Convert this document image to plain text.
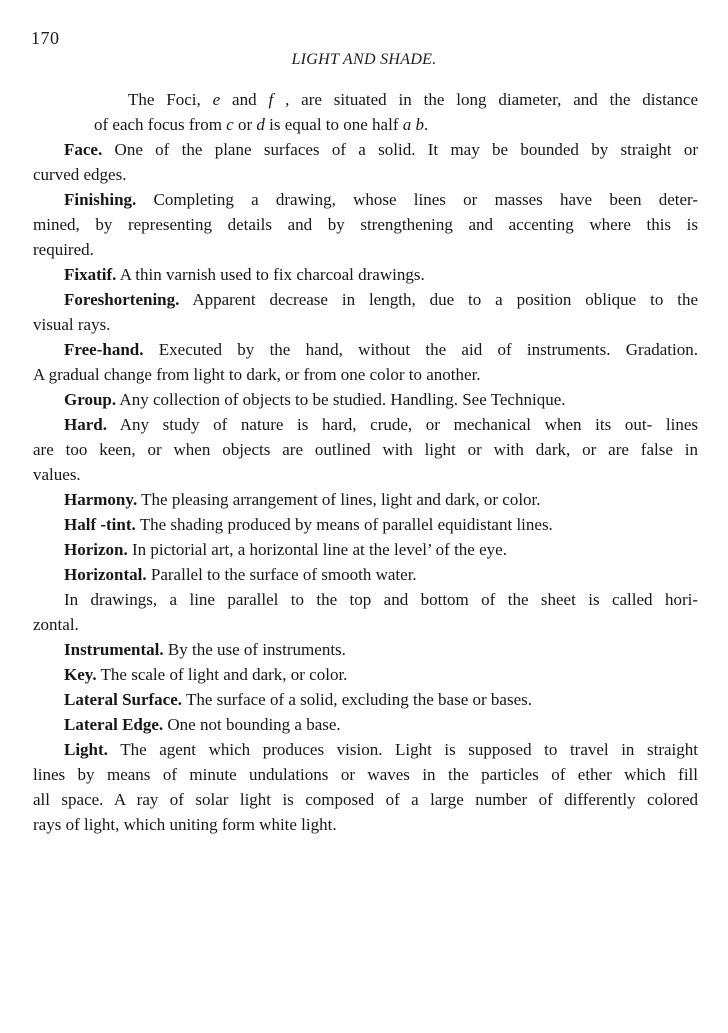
170
LIGHT AND SHADE.
The Foci, e and f , are situated in the long diameter, and the distance
of each focus from c or d is equal to one half a b.
Face. One of the plane surfaces of a solid. It may be bounded by straight or
curved edges.
Finishing. Completing a drawing, whose lines or masses have been deter-
mined, by representing details and by strengthening and accenting where this is
required.
Fixatif. A thin varnish used to fix charcoal drawings.
Foreshortening. Apparent decrease in length, due to a position oblique to the
visual rays.
Free-hand. Executed by the hand, without the aid of instruments. Gradation.
A gradual change from light to dark, or from one color to another.
Group. Any collection of objects to be studied. Handling. See Technique.
Hard. Any study of nature is hard, crude, or mechanical when its out- lines
are too keen, or when objects are outlined with light or with dark, or are false in
values.
Harmony. The pleasing arrangement of lines, light and dark, or color.
Half -tint. The shading produced by means of parallel equidistant lines.
Horizon. In pictorial art, a horizontal line at the level’ of the eye.
Horizontal. Parallel to the surface of smooth water.
In drawings, a line parallel to the top and bottom of the sheet is called hori-
zontal.
Instrumental. By the use of instruments.
Key. The scale of light and dark, or color.
Lateral Surface. The surface of a solid, excluding the base or bases.
Lateral Edge. One not bounding a base.
Light. The agent which produces vision. Light is supposed to travel in straight
lines by means of minute undulations or waves in the particles of ether which fill
all space. A ray of solar light is composed of a large number of differently colored
rays of light, which uniting form white light.
